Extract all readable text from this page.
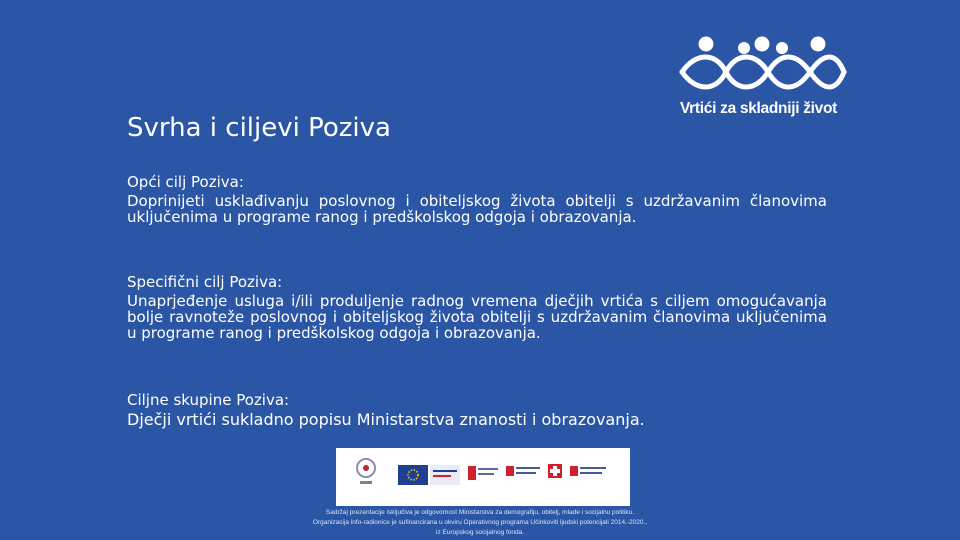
Vrtići za skladniji život
Svrha i ciljevi Poziva

Opći cilj Poziva:

Doprinijeti usklađivanju poslovnog i obiteljskog života obitelji s uzdržavanim članovima uključenima u programe ranog i predškolskog odgoja i obrazovanja.

Specifični cilj Poziva:

Unaprjeđenje usluga i/ili produljenje radnog vremena dječjih vrtića s ciljem omogućavanja bolje ravnoteže poslovnog i obiteljskog života obitelji s uzdržavanim članovima uključenima u programe ranog i predškolskog odgoja i obrazovanja.

Ciljne skupine Poziva:

Dječji vrtići sukladno popisu Ministarstva znanosti i obrazovanja.

Sadržaj prezentacije isključiva je odgovornost Ministarstva za demografiju, obitelj, mlade i socijalnu politiku.
Organizacija info-radionice je sufinancirana u okviru Operativnog programa Učinkoviti ljudski potencijali 2014.-2020.,
iz Europskog socijalnog fonda.
